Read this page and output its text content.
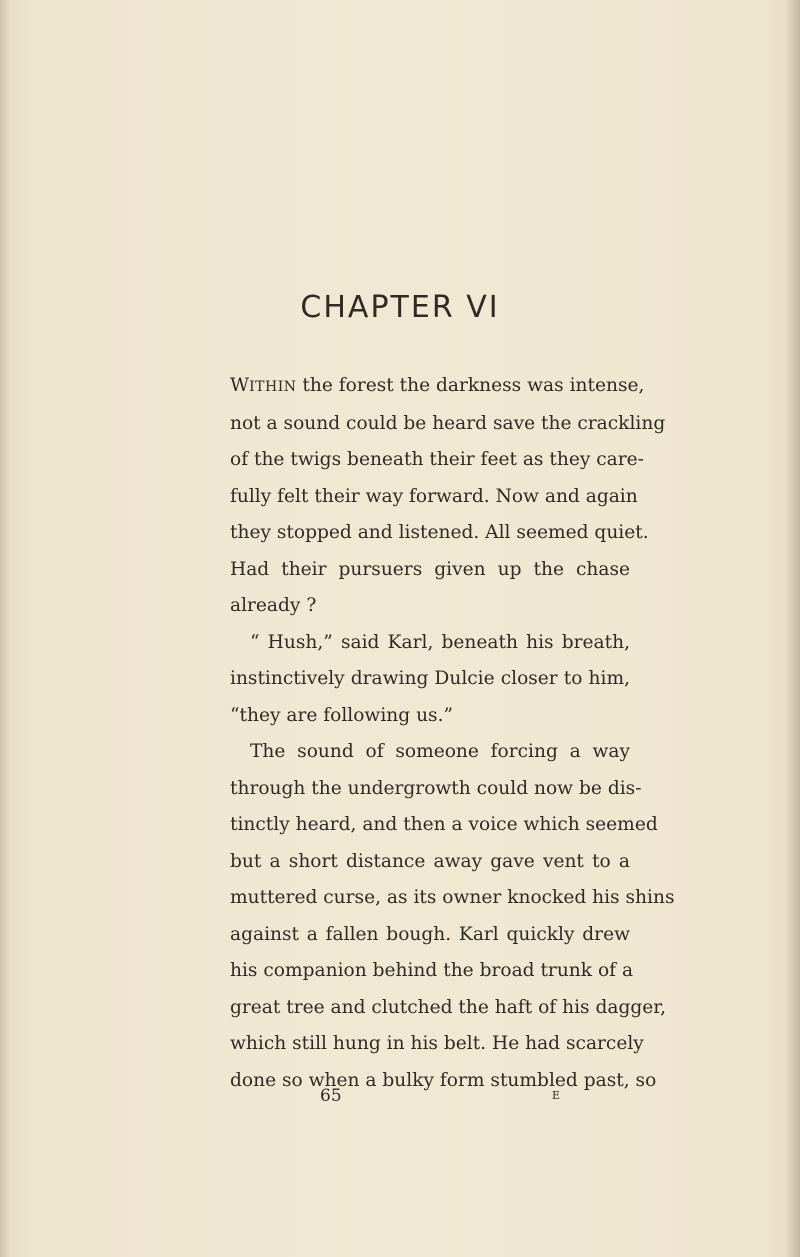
CHAPTER VI
WITHIN the forest the darkness was intense,
not a sound could be heard save the crackling
of the twigs beneath their feet as they care-
fully felt their way forward. Now and again
they stopped and listened. All seemed quiet.
Had their pursuers given up the chase
already ?
“ Hush,” said Karl, beneath his breath,
instinctively drawing Dulcie closer to him,
“they are following us.”
The sound of someone forcing a way
through the undergrowth could now be dis-
tinctly heard, and then a voice which seemed
but a short distance away gave vent to a
muttered curse, as its owner knocked his shins
against a fallen bough. Karl quickly drew
his companion behind the broad trunk of a
great tree and clutched the haft of his dagger,
which still hung in his belt. He had scarcely
done so when a bulky form stumbled past, so
65	E
